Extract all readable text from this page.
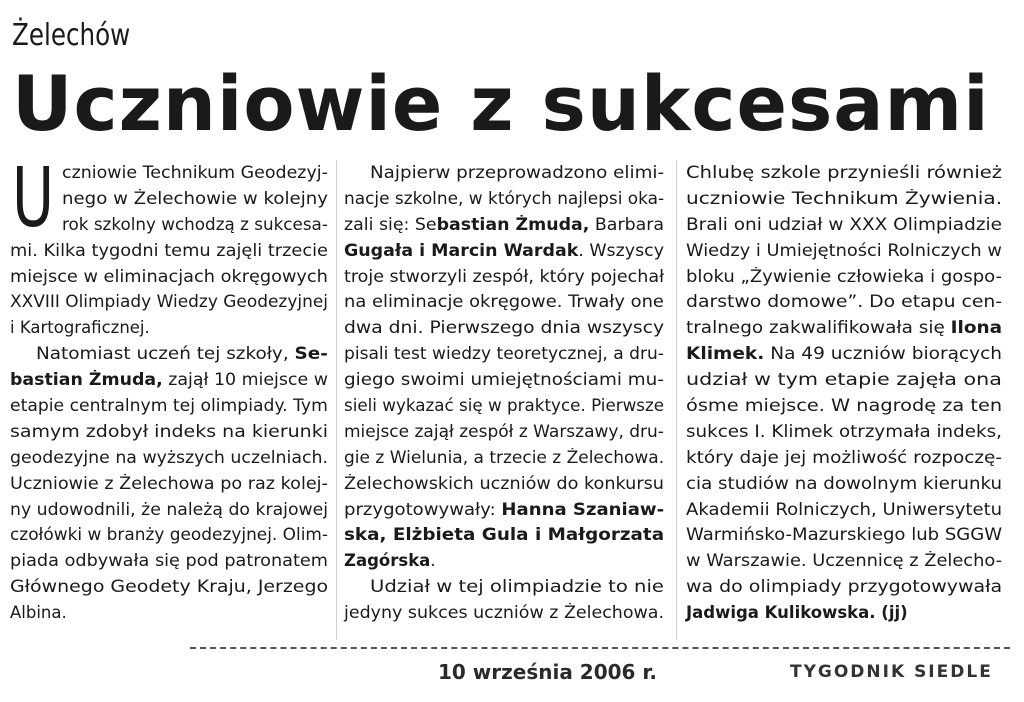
Żelechów
Uczniowie z sukcesami
U czniowie Technikum Geodezyj-
nego w Żelechowie w kolejny
rok szkolny wchodzą z sukcesa-
mi. Kilka tygodni temu zajęli trzecie
miejsce w eliminacjach okręgowych
XXVIII Olimpiady Wiedzy Geodezyjnej
i Kartograficznej.
Natomiast uczeń tej szkoły, Se-
bastian Żmuda, zajął 10 miejsce w
etapie centralnym tej olimpiady. Tym
samym zdobył indeks na kierunki
geodezyjne na wyższych uczelniach.
Uczniowie z Żelechowa po raz kolej-
ny udowodnili, że należą do krajowej
czołówki w branży geodezyjnej. Olim-
piada odbywała się pod patronatem
Głównego Geodety Kraju, Jerzego
Albina.
Najpierw przeprowadzono elimi-
nacje szkolne, w których najlepsi oka-
zali się: Sebastian Żmuda, Barbara
Gugała i Marcin Wardak. Wszyscy
troje stworzyli zespół, który pojechał
na eliminacje okręgowe. Trwały one
dwa dni. Pierwszego dnia wszyscy
pisali test wiedzy teoretycznej, a dru-
giego swoimi umiejętnościami mu-
sieli wykazać się w praktyce. Pierwsze
miejsce zajął zespół z Warszawy, dru-
gie z Wielunia, a trzecie z Żelechowa.
Żelechowskich uczniów do konkursu
przygotowywały: Hanna Szaniaw-
ska, Elżbieta Gula i Małgorzata
Zagórska.
Udział w tej olimpiadzie to nie
jedyny sukces uczniów z Żelechowa.
Chlubę szkole przynieśli również
uczniowie Technikum Żywienia.
Brali oni udział w XXX Olimpiadzie
Wiedzy i Umiejętności Rolniczych w
bloku „Żywienie człowieka i gospo-
darstwo domowe”. Do etapu cen-
tralnego zakwalifikowała się Ilona
Klimek. Na 49 uczniów biorących
udział w tym etapie zajęła ona
ósme miejsce. W nagrodę za ten
sukces I. Klimek otrzymała indeks,
który daje jej możliwość rozpoczę-
cia studiów na dowolnym kierunku
Akademii Rolniczych, Uniwersytetu
Warmińsko-Mazurskiego lub SGGW
w Warszawie. Uczennicę z Żelecho-
wa do olimpiady przygotowywała
Jadwiga Kulikowska. (jj)
10 września 2006 r.	TYGODNIK SIEDLE
